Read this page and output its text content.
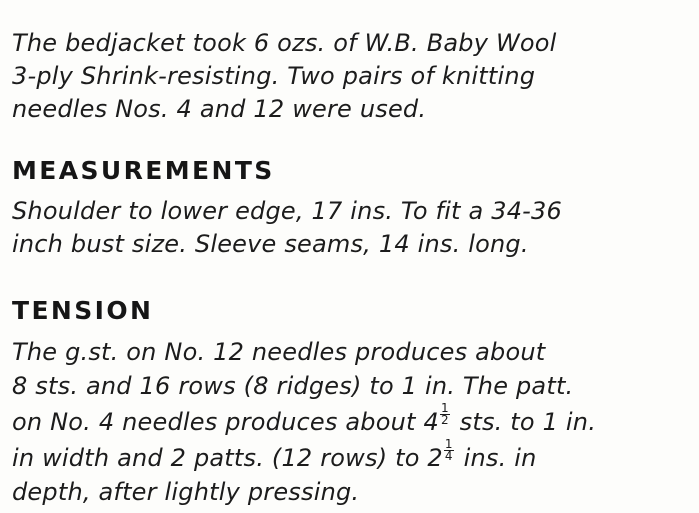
The bedjacket took 6 ozs. of W.B. Baby Wool
3-ply Shrink-resisting. Two pairs of knitting
needles Nos. 4 and 12 were used.

MEASUREMENTS

Shoulder to lower edge, 17 ins. To fit a 34-36
inch bust size. Sleeve seams, 14 ins. long.

TENSION

The g.st. on No. 12 needles produces about
8 sts. and 16 rows (8 ridges) to 1 in. The patt.
on No. 4 needles produces about $4 \frac{1}{2}$ sts. to 1 in.
in width and 2 patts. (12 rows) to $2 \frac{1}{4}$ ins. in
depth, after lightly pressing.
